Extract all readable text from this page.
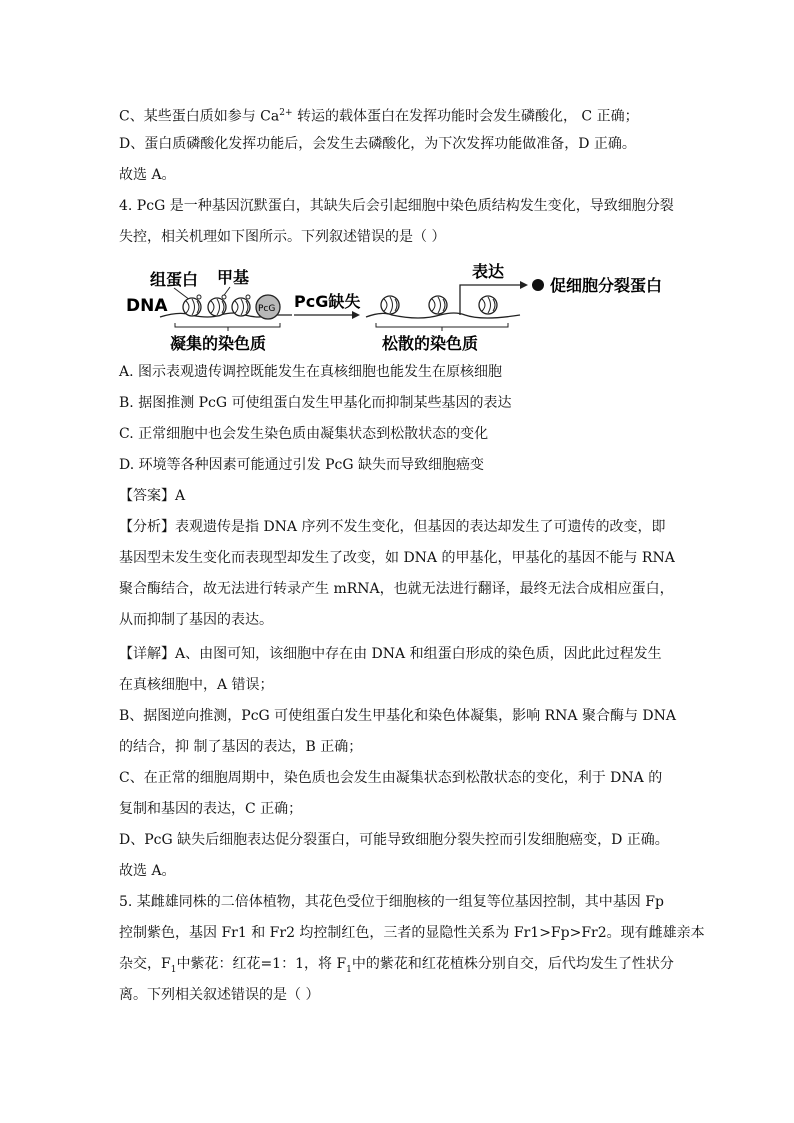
C、某些蛋白质如参与 $Ca^{2+}$ 转运的载体蛋白在发挥功能时会发生磷酸化， C 正确；
D、蛋白质磷酸化发挥功能后，会发生去磷酸化，为下次发挥功能做准备，D 正确。
故选 A。
4. PcG 是一种基因沉默蛋白，其缺失后会引起细胞中染色质结构发生变化，导致细胞分裂
失控，相关机理如下图所示。下列叙述错误的是（ ）
组蛋白 甲基
DNA	PcG
凝集的染色质
PcG缺失
表达
促细胞分裂蛋白
松散的染色质
A. 图示表观遗传调控既能发生在真核细胞也能发生在原核细胞
B. 据图推测 PcG 可使组蛋白发生甲基化而抑制某些基因的表达
C. 正常细胞中也会发生染色质由凝集状态到松散状态的变化
D. 环境等各种因素可能通过引发 PcG 缺失而导致细胞癌变
【答案】A
【分析】表观遗传是指 DNA 序列不发生变化，但基因的表达却发生了可遗传的改变，即
基因型未发生变化而表现型却发生了改变，如 DNA 的甲基化，甲基化的基因不能与 RNA
聚合酶结合，故无法进行转录产生 mRNA，也就无法进行翻译，最终无法合成相应蛋白，
从而抑制了基因的表达。
【详解】A、由图可知，该细胞中存在由 DNA 和组蛋白形成的染色质，因此此过程发生
在真核细胞中，A 错误；
B、据图逆向推测，PcG 可使组蛋白发生甲基化和染色体凝集，影响 RNA 聚合酶与 DNA
的结合，抑 制了基因的表达，B 正确；
C、在正常的细胞周期中，染色质也会发生由凝集状态到松散状态的变化，利于 DNA 的
复制和基因的表达，C 正确；
D、PcG 缺失后细胞表达促分裂蛋白，可能导致细胞分裂失控而引发细胞癌变，D 正确。
故选 A。
5. 某雌雄同株的二倍体植物，其花色受位于细胞核的一组复等位基因控制，其中基因 Fp
控制紫色，基因 Fr1 和 Fr2 均控制红色，三者的显隐性关系为 Fr1>Fp>Fr2。现有雌雄亲本
杂交，$F_1$中紫花：红花=1：1，将 $F_1$中的紫花和红花植株分别自交，后代均发生了性状分
离。下列相关叙述错误的是（ ）
